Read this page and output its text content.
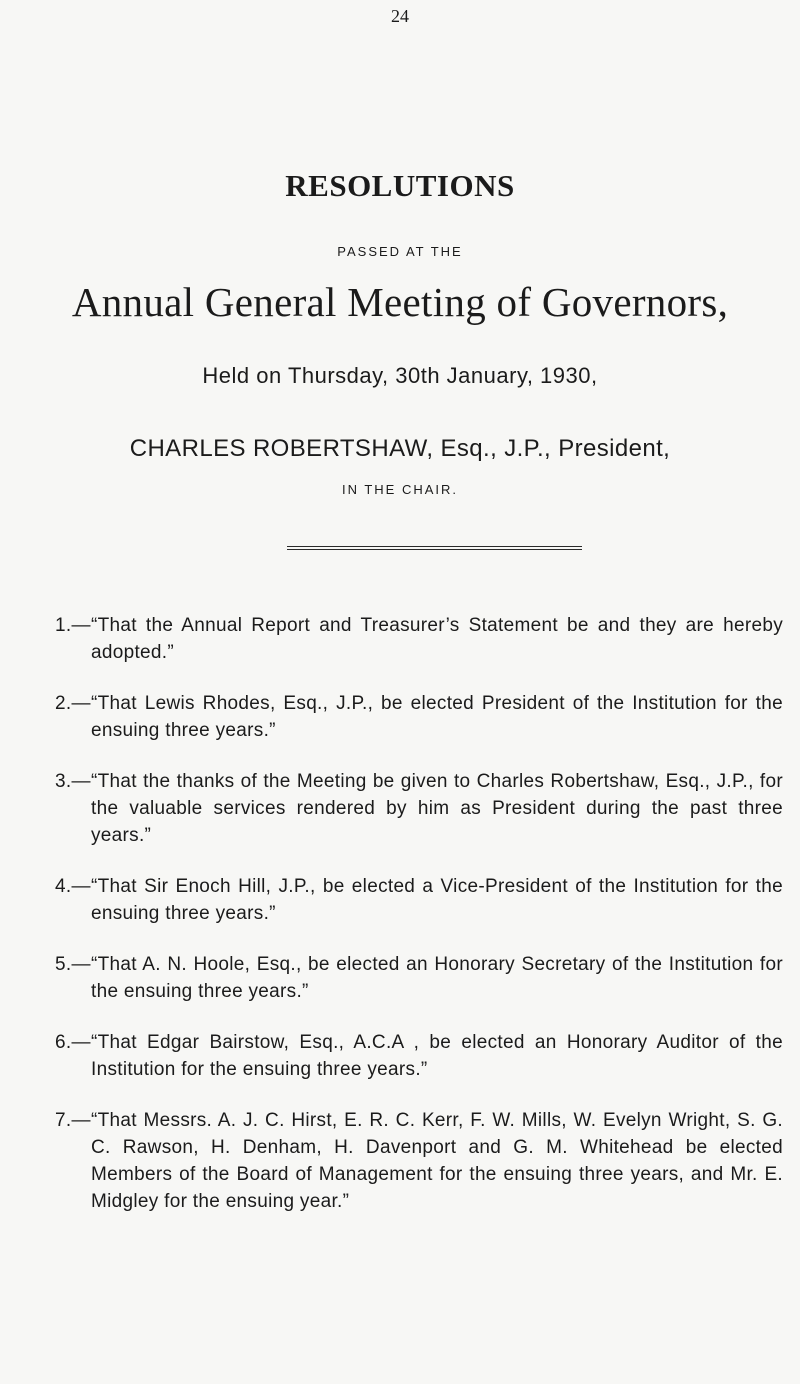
24
RESOLUTIONS
PASSED AT THE
Annual General Meeting of Governors,
Held on Thursday, 30th January, 1930,
CHARLES ROBERTSHAW, Esq., J.P., President,
IN THE CHAIR.
1.— “That the Annual Report and Treasurer’s Statement be and they are hereby adopted.”
2.— “That Lewis Rhodes, Esq., J.P., be elected President of the Institution for the ensuing three years.”
3.— “That the thanks of the Meeting be given to Charles Robertshaw, Esq., J.P., for the valuable services rendered by him as President during the past three years.”
4.— “That Sir Enoch Hill, J.P., be elected a Vice-President of the Institution for the ensuing three years.”
5.— “That A. N. Hoole, Esq., be elected an Honorary Secretary of the Institution for the ensuing three years.”
6.— “That Edgar Bairstow, Esq., A.C.A , be elected an Honorary Auditor of the Institution for the ensuing three years.”
7.— “That Messrs. A. J. C. Hirst, E. R. C. Kerr, F. W. Mills, W. Evelyn Wright, S. G. C. Rawson, H. Denham, H. Davenport and G. M. Whitehead be elected Members of the Board of Management for the ensuing three years, and Mr. E. Midgley for the ensuing year.”
